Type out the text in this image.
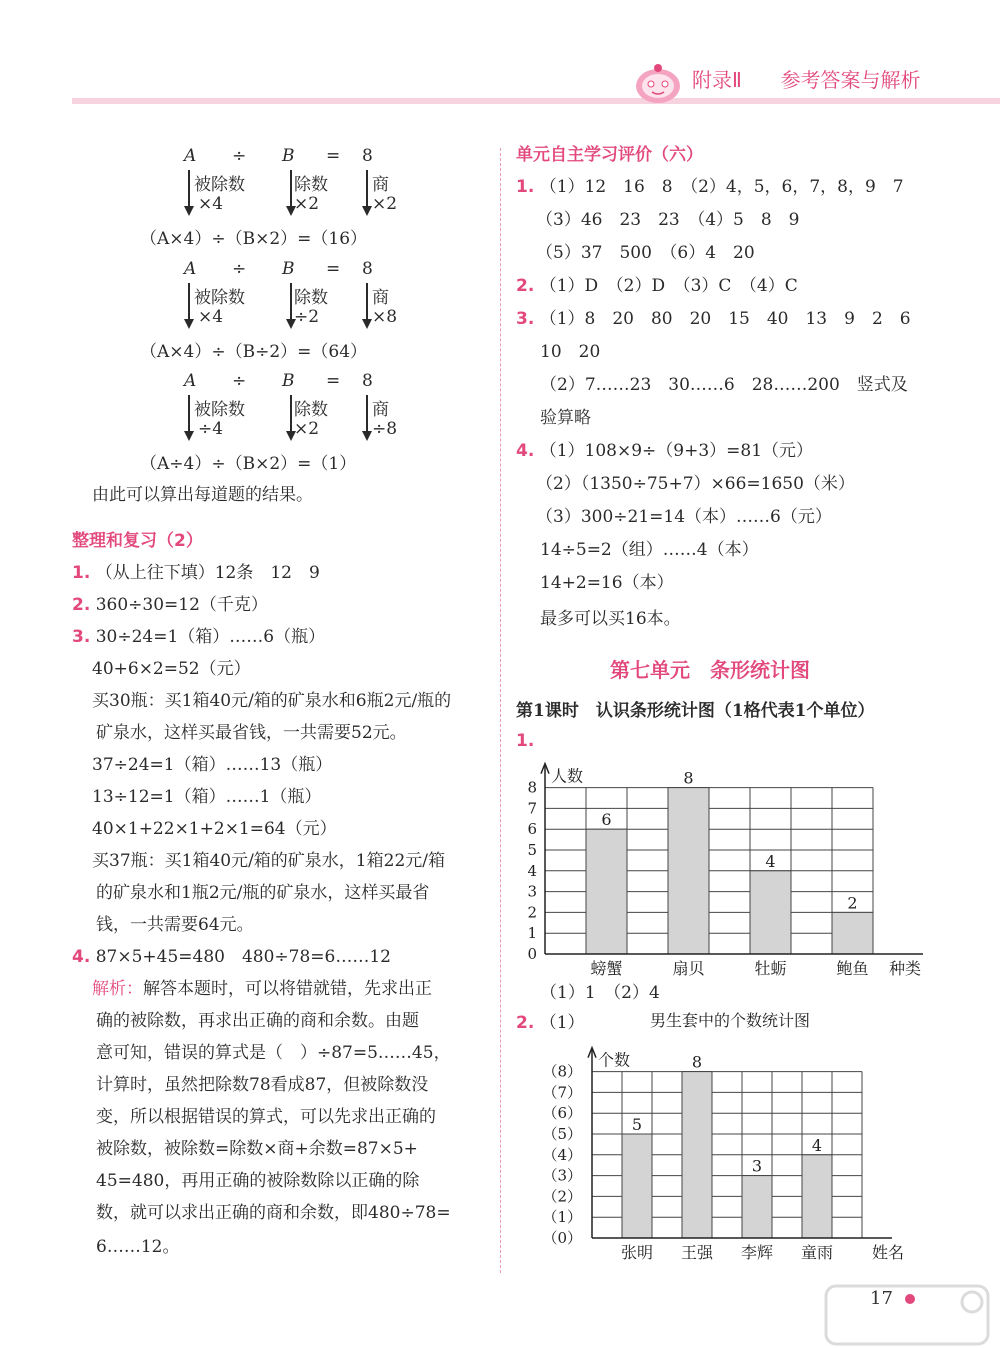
附录Ⅱ 参考答案与解析
A ÷ B = 8
被除数	除数	商
×4	×2	×2
（A×4）÷（B×2）=（16）
A ÷ B = 8
被除数	除数	商
×4	÷2	×8
（A×4）÷（B÷2）=（64）
A ÷ B = 8
被除数	除数	商
÷4	×2	÷8
（A÷4）÷（B×2）=（1）
由此可以算出每道题的结果。
整理和复习（2）
1. （从上往下填）12条　12　9
2. 360÷30=12（千克）
3. 30÷24=1（箱）……6（瓶）
40+6×2=52（元）
买30瓶：买1箱40元/箱的矿泉水和6瓶2元/瓶的
矿泉水，这样买最省钱，一共需要52元。
37÷24=1（箱）……13（瓶）
13÷12=1（箱）……1（瓶）
40×1+22×1+2×1=64（元）
买37瓶：买1箱40元/箱的矿泉水，1箱22元/箱
的矿泉水和1瓶2元/瓶的矿泉水，这样买最省
钱，一共需要64元。
4. 87×5+45=480　480÷78=6……12
解析：解答本题时，可以将错就错，先求出正
确的被除数，再求出正确的商和余数。由题
意可知，错误的算式是（　）÷87=5……45，
计算时，虽然把除数78看成87，但被除数没
变，所以根据错误的算式，可以先求出正确的
被除数，被除数=除数×商+余数=87×5+
45=480，再用正确的被除数除以正确的除
数，就可以求出正确的商和余数，即480÷78=
6……12。
单元自主学习评价（六）
1. （1）12　16　8　（2）4，5，6，7，8，9　7
（3）46　23　23　（4）5　8　9
（5）37　500　（6）4　20
2. （1）D　（2）D　（3）C　（4）C
3. （1）8　20　80　20　15　40　13　9　2　6
10　20
（2）7……23　30……6　28……200　竖式及
验算略
4. （1）108×9÷（9+3）=81（元）
（2）（1350÷75+7）×66=1650（米）
（3）300÷21=14（本）……6（元）
14÷5=2（组）……4（本）
14+2=16（本）
最多可以买16本。
第七单元　条形统计图
第1课时　认识条形统计图（1格代表1个单位）
1.
6
螃蟹
8
扇贝
4
牡蛎
2
鲍鱼
0
1
2
3
4
5
6
7
8
人数
种类
（1）1　（2）4
2. （1）
5
张明
8
王强
3
李辉
4
童雨
（0）
（1）
（2）
（3）
（4）
（5）
（6）
（7）
（8）
个数
姓名
男生套中的个数统计图
17
